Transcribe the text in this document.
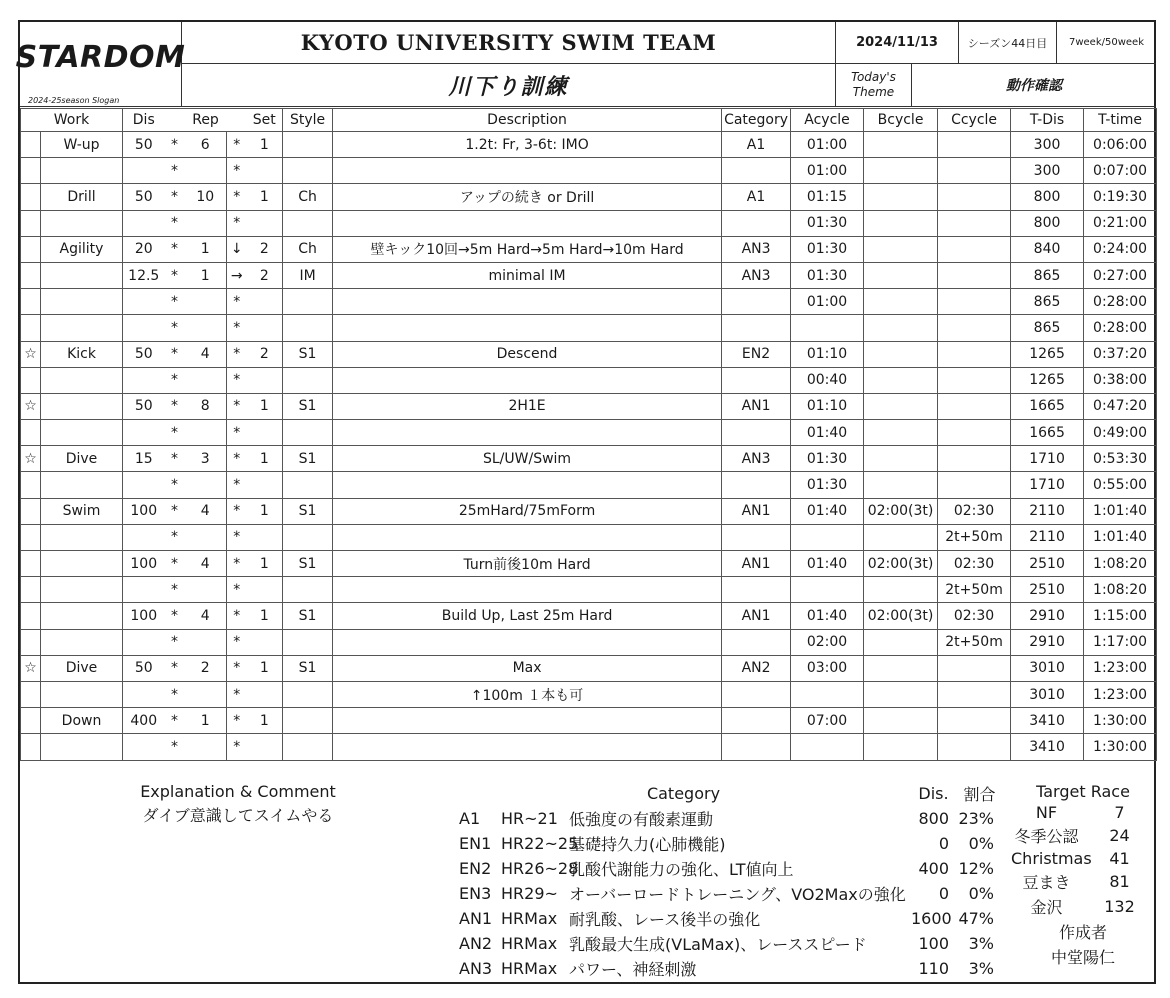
STARDOM
2024-25season Slogan
KYOTO UNIVERSITY SWIM TEAM	2024/11/13	シーズン44日目 7week/50week
川下り訓練	Today's
Theme	動作確認
Work		Dis	Rep			Set	Style	Description	Category	Acycle	Bcycle	Ccycle	T-Dis	T-time
	W-up	50	*	6	*	1		1.2t: Fr, 3-6t: IMO	A1	01:00			300	0:06:00
			*		*					01:00			300	0:07:00
	Drill	50	*	10	*	1	Ch	アップの続き or Drill	A1	01:15			800	0:19:30
			*		*					01:30			800	0:21:00
	Agility	20	*	1	↓	2	Ch	壁キック10回→5m Hard→5m Hard→10m Hard	AN3	01:30			840	0:24:00
		12.5	*	1	→	2	IM	minimal IM	AN3	01:30			865	0:27:00
			*		*					01:00			865	0:28:00
			*		*								865	0:28:00
☆	Kick	50	*	4	*	2	S1	Descend	EN2	01:10			1265	0:37:20
			*		*					00:40			1265	0:38:00
☆		50	*	8	*	1	S1	2H1E	AN1	01:10			1665	0:47:20
			*		*					01:40			1665	0:49:00
☆	Dive	15	*	3	*	1	S1	SL/UW/Swim	AN3	01:30			1710	0:53:30
			*		*					01:30			1710	0:55:00
	Swim	100	*	4	*	1	S1	25mHard/75mForm	AN1	01:40	02:00(3t)	02:30	2110	1:01:40
			*		*							2t+50m	2110	1:01:40
		100	*	4	*	1	S1	Turn前後10m Hard	AN1	01:40	02:00(3t)	02:30	2510	1:08:20
			*		*							2t+50m	2510	1:08:20
		100	*	4	*	1	S1	Build Up, Last 25m Hard	AN1	01:40	02:00(3t)	02:30	2910	1:15:00
			*		*					02:00		2t+50m	2910	1:17:00
☆	Dive	50	*	2	*	1	S1	Max	AN2	03:00			3010	1:23:00
			*		*			↑100m １本も可					3010	1:23:00
	Down	400	*	1	*	1				07:00			3410	1:30:00
			*		*								3410	1:30:00
Explanation & Comment
ダイブ意識してスイムやる

Category			Dis.	割合
A1	HR~21	低強度の有酸素運動	800	23%
EN1	HR22~25	基礎持久力(心肺機能)	0	0%
EN2	HR26~28	乳酸代謝能力の強化、LT値向上	400	12%
EN3	HR29~	オーバーロードトレーニング、VO2Maxの強化	0	0%
AN1	HRMax	耐乳酸、レース後半の強化	1600	47%
AN2	HRMax	乳酸最大生成(VLaMax)、レーススピード	100	3%
AN3	HRMax	パワー、神経刺激	110	3%
Target Race	
NF	7
冬季公認	24
Christmas	41
豆まき	81
金沢	132
作成者	
中堂陽仁	
